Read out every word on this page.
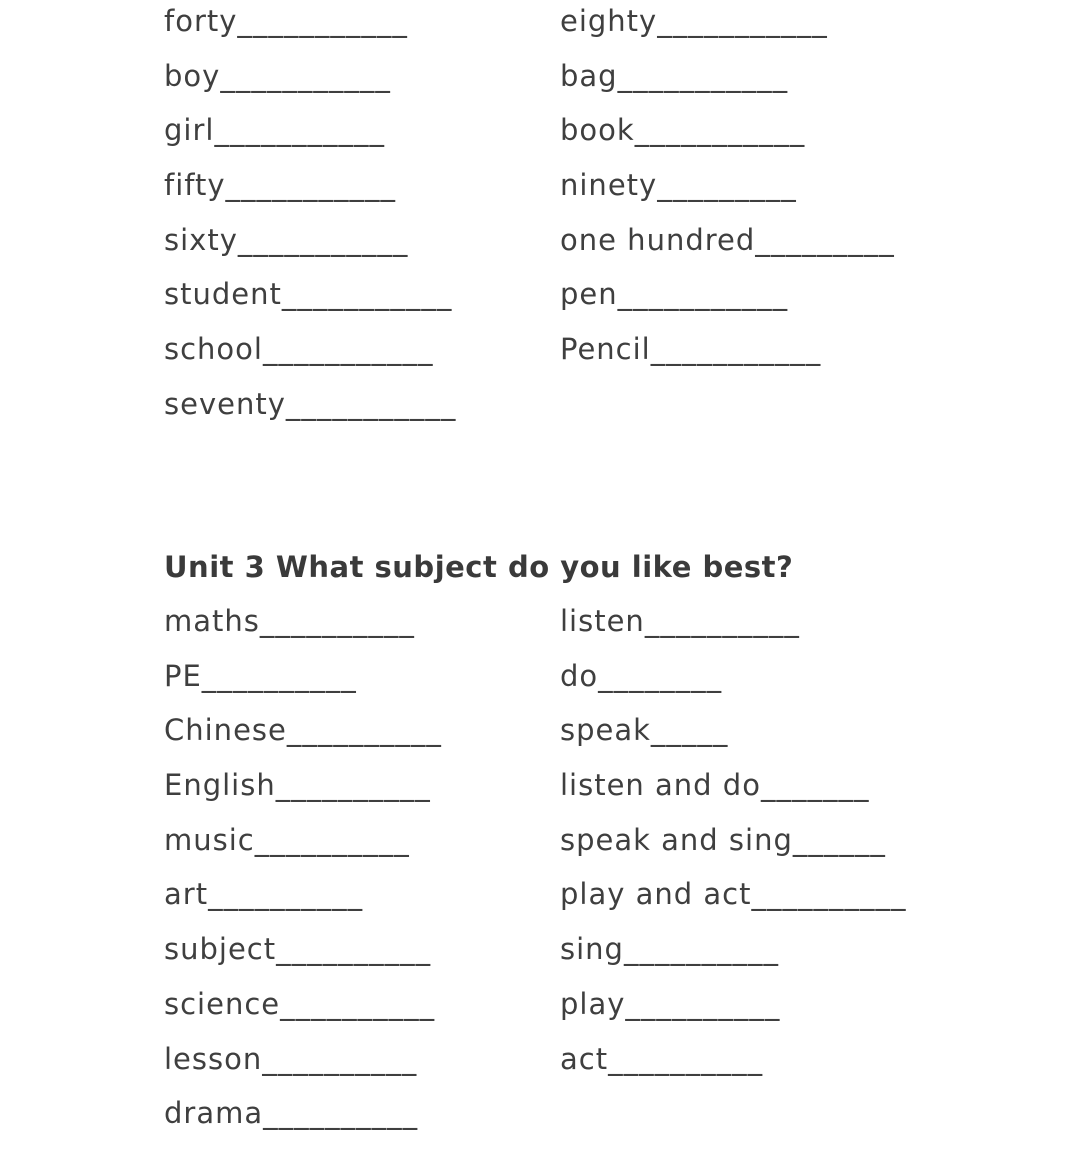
forty___________
boy___________
girl___________
fifty___________
sixty___________
student___________
school___________
seventy___________
eighty___________
bag___________
book___________
ninety_________
one hundred_________
pen___________
Pencil___________
Unit 3 What subject do you like best?
maths__________
PE__________
Chinese__________
English__________
music__________
art__________
subject__________
science__________
lesson__________
drama__________
listen__________
do________
speak_____
listen and do_______
speak and sing______
play and act__________
sing__________
play__________
act__________
